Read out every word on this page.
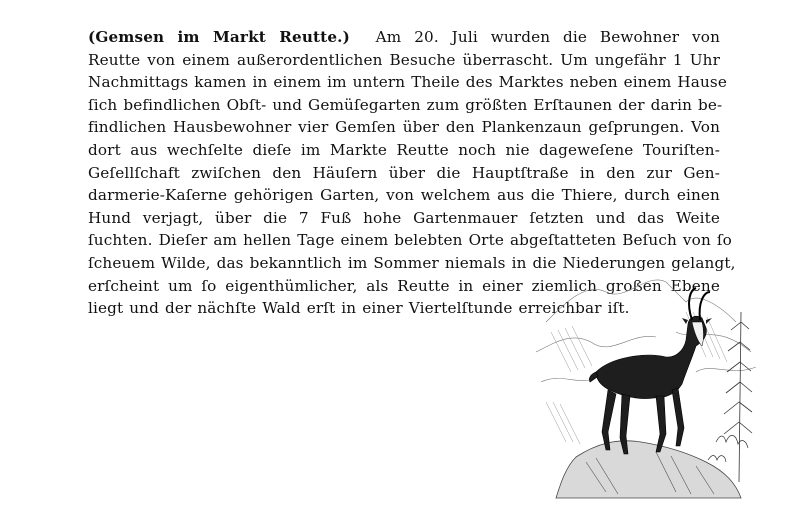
(Gemsen im Markt Reutte.) Am 20. Juli wurden die Bewohner von
Reutte von einem außerordentlichen Besuche überrascht. Um ungefähr 1 Uhr
Nachmittags kamen in einem im untern Theile des Marktes neben einem Hause
ſich befindlichen Obſt- und Gemüſegarten zum größten Erſtaunen der darin be-
findlichen Hausbewohner vier Gemſen über den Plankenzaun geſprungen. Von
dort aus wechſelte dieſe im Markte Reutte noch nie dageweſene Touriſten-
Geſellſchaft zwiſchen den Häuſern über die Hauptſtraße in den zur Gen-
darmerie-Kaſerne gehörigen Garten, von welchem aus die Thiere, durch einen
Hund verjagt, über die 7 Fuß hohe Gartenmauer ſetzten und das Weite
ſuchten. Dieſer am hellen Tage einem belebten Orte abgeſtatteten Beſuch von ſo
ſcheuem Wilde, das bekanntlich im Sommer niemals in die Niederungen gelangt,
erſcheint um ſo eigenthümlicher, als Reutte in einer ziemlich großen Ebene
liegt und der nächſte Wald erſt in einer Viertelſtunde erreichbar iſt.
